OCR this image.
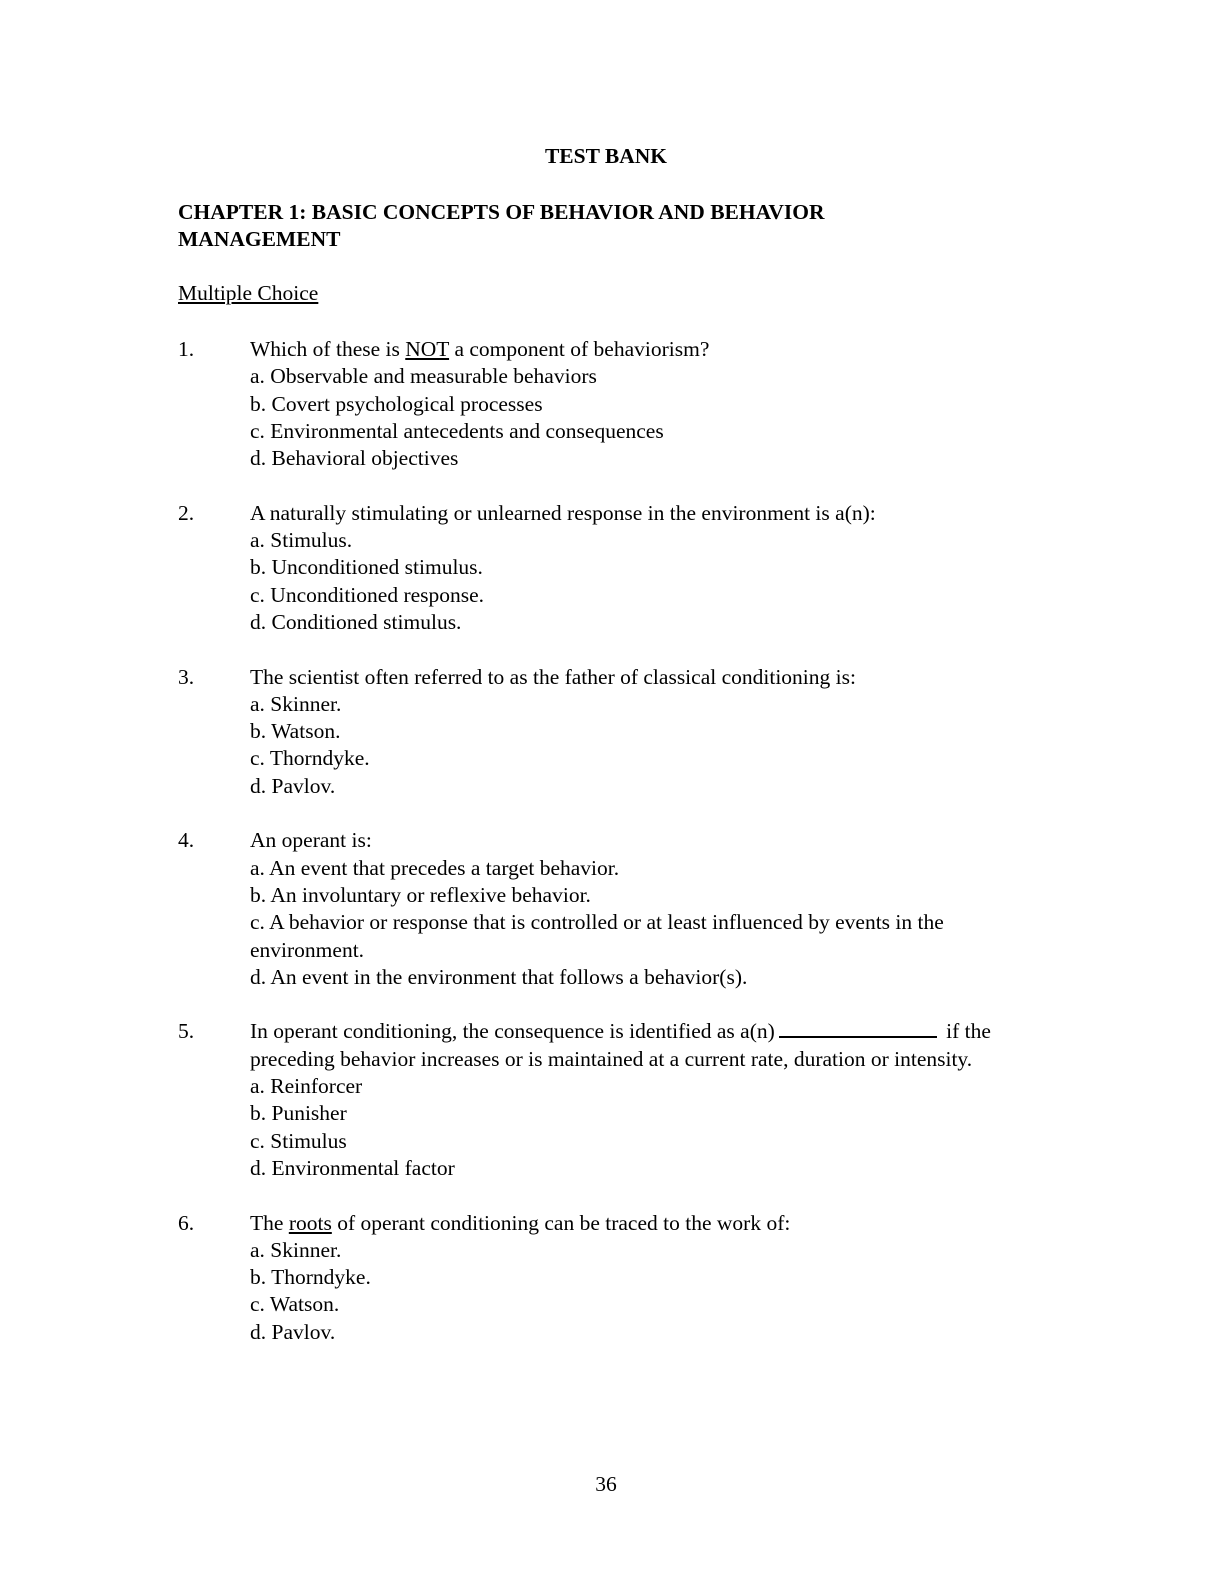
TEST BANK
CHAPTER 1: BASIC CONCEPTS OF BEHAVIOR AND BEHAVIOR MANAGEMENT

Multiple Choice

1.	Which of these is NOT a component of behaviorism?

a. Observable and measurable behaviors
b. Covert psychological processes
c. Environmental antecedents and consequences
d. Behavioral objectives
2.	A naturally stimulating or unlearned response in the environment is a(n):

a. Stimulus.
b. Unconditioned stimulus.
c. Unconditioned response.
d. Conditioned stimulus.
3.	The scientist often referred to as the father of classical conditioning is:

a. Skinner.
b. Watson.
c. Thorndyke.
d. Pavlov.
4.	An operant is:

a. An event that precedes a target behavior.
b. An involuntary or reflexive behavior.
c. A behavior or response that is controlled or at least influenced by events in the environment.
d. An event in the environment that follows a behavior(s).
5.	In operant conditioning, the consequence is identified as a(n)	if the preceding behavior increases or is maintained at a current rate, duration or intensity.

a. Reinforcer
b. Punisher
c. Stimulus
d. Environmental factor
6.	The roots of operant conditioning can be traced to the work of:

a. Skinner.
b. Thorndyke.
c. Watson.
d. Pavlov.

36
